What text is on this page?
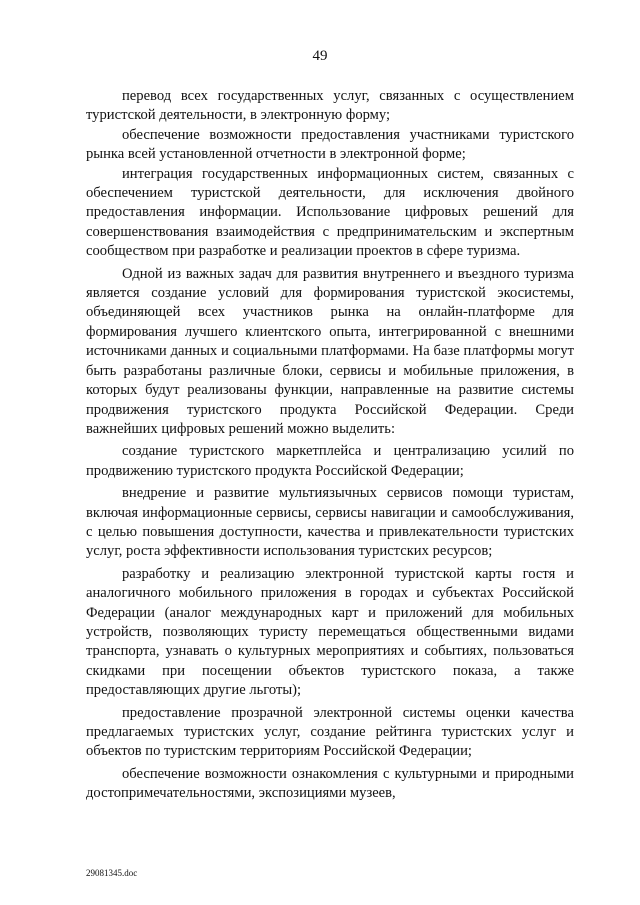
49

перевод всех государственных услуг, связанных с осуществлением туристской деятельности, в электронную форму;

обеспечение возможности предоставления участниками туристского рынка всей установленной отчетности в электронной форме;

интеграция государственных информационных систем, связанных с обеспечением туристской деятельности, для исключения двойного предоставления информации. Использование цифровых решений для совершенствования взаимодействия с предпринимательским и экспертным сообществом при разработке и реализации проектов в сфере туризма.

Одной из важных задач для развития внутреннего и въездного туризма является создание условий для формирования туристской экосистемы, объединяющей всех участников рынка на онлайн-платформе для формирования лучшего клиентского опыта, интегрированной с внешними источниками данных и социальными платформами. На базе платформы могут быть разработаны различные блоки, сервисы и мобильные приложения, в которых будут реализованы функции, направленные на развитие системы продвижения туристского продукта Российской Федерации. Среди важнейших цифровых решений можно выделить:

создание туристского маркетплейса и централизацию усилий по продвижению туристского продукта Российской Федерации;

внедрение и развитие мультиязычных сервисов помощи туристам, включая информационные сервисы, сервисы навигации и самообслуживания, с целью повышения доступности, качества и привлекательности туристских услуг, роста эффективности использования туристских ресурсов;

разработку и реализацию электронной туристской карты гостя и аналогичного мобильного приложения в городах и субъектах Российской Федерации (аналог международных карт и приложений для мобильных устройств, позволяющих туристу перемещаться общественными видами транспорта, узнавать о культурных мероприятиях и событиях, пользоваться скидками при посещении объектов туристского показа, а также предоставляющих другие льготы);

предоставление прозрачной электронной системы оценки качества предлагаемых туристских услуг, создание рейтинга туристских услуг и объектов по туристским территориям Российской Федерации;

обеспечение возможности ознакомления с культурными и природными достопримечательностями, экспозициями музеев,

29081345.doc
